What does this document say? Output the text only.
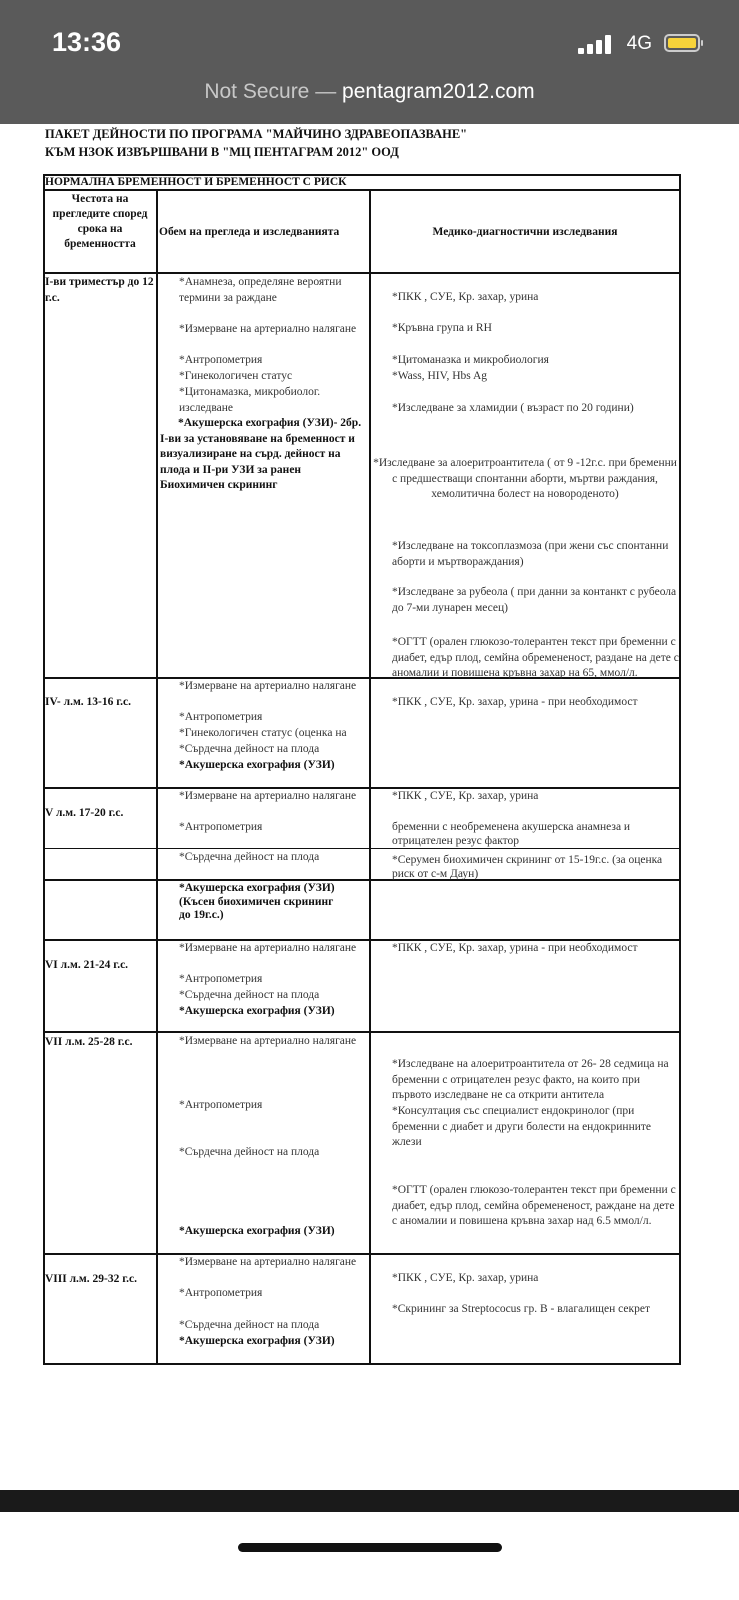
13:36	4G
Not Secure — pentagram2012.com
ПАКЕТ ДЕЙНОСТИ ПО ПРОГРАМА "МАЙЧИНО ЗДРАВЕОПАЗВАНЕ"
КЪМ НЗОК ИЗВЪРШВАНИ В "МЦ ПЕНТАГРАМ 2012" ООД
НОРМАЛНА БРЕМЕННОСТ И БРЕМЕННОСТ С РИСК
Честота на прегледите според срока на бременността
Обем на прегледа и изследванията	Медико-диагностични изследвания
I-ви триместър до 12 г.с.
IV- л.м. 13-16 г.с.
V л.м. 17-20 г.с.
VI л.м. 21-24 г.с.
VII л.м. 25-28 г.с.
VIII л.м. 29-32 г.с.
*Анамнеза, определяне вероятни термини за раждане
*Измерване на артериално налягане
*Антропометрия
*Гинекологичен статус
*Цитонамазка, микробиолог. изследване
*Акушерска ехография (УЗИ)- 2бр. I-ви за установяване на бременност и визуализиране на сърд. дейност на плода и II-ри УЗИ за ранен Биохимичен скрининг
*Измерване на артериално налягане
*Антропометрия
*Гинекологичен статус (оценка на
*Сърдечна дейност на плода
*Акушерска ехография (УЗИ)
*Измерване на артериално налягане
*Антропометрия
*Сърдечна дейност на плода
*Акушерска ехография (УЗИ) (Късен биохимичен скрининг до 19г.с.)
*Измерване на артериално налягане
*Антропометрия
*Сърдечна дейност на плода
*Акушерска ехография (УЗИ)
*Измерване на артериално налягане
*Антропометрия
*Сърдечна дейност на плода
*Акушерска ехография (УЗИ)
*Измерване на артериално налягане
*Антропометрия
*Сърдечна дейност на плода
*Акушерска ехография (УЗИ)
*ПКК , СУЕ, Кр. захар, урина
*Кръвна група и RH
*Цитоманазка и микробиология
*Wass, HIV, Hbs Ag
*Изследване за хламидии ( възраст по 20 години)
*Изследване за алоеритроантитела ( от 9 -12г.с. при бременни с предшестващи спонтанни аборти, мъртви раждания, хемолитична болест на новороденото)
*Изследване на токсоплазмоза (при жени със спонтанни аборти и мъртвораждания)
*Изследване за рубеола ( при данни за контанкт с рубеола до 7-ми лунарен месец)
*ОГТТ (орален глюкозо-толерантен текст при бременни с диабет, едър плод, семйна обремененост, раздане на дете с аномалии и повишена кръвна захар на 65, ммол/л.
*ПКК , СУЕ, Кр. захар, урина - при необходимост
*ПКК , СУЕ, Кр. захар, урина
бременни с необременена акушерска анамнеза и отрицателен резус фактор
*Серумен биохимичен скрининг от 15-19г.с. (за оценка риск от с-м Даун)
*ПКК , СУЕ, Кр. захар, урина - при необходимост
*Изследване на алоеритроантитела от 26- 28 седмица на бременни с отрицателен резус факто, на които при първото изследване не са открити антитела
*Консултация със специалист ендокринолог (при бременни с диабет и други болести на ендокринните жлези
*ОГТТ (орален глюкозо-толерантен текст при бременни с диабет, едър плод, семйна обремененост, раждане на дете с аномалии и повишена кръвна захар над 6.5 ммол/л.
*ПКК , СУЕ, Кр. захар, урина
*Скрининг за Streptococus гр. B - влагалищен секрет
